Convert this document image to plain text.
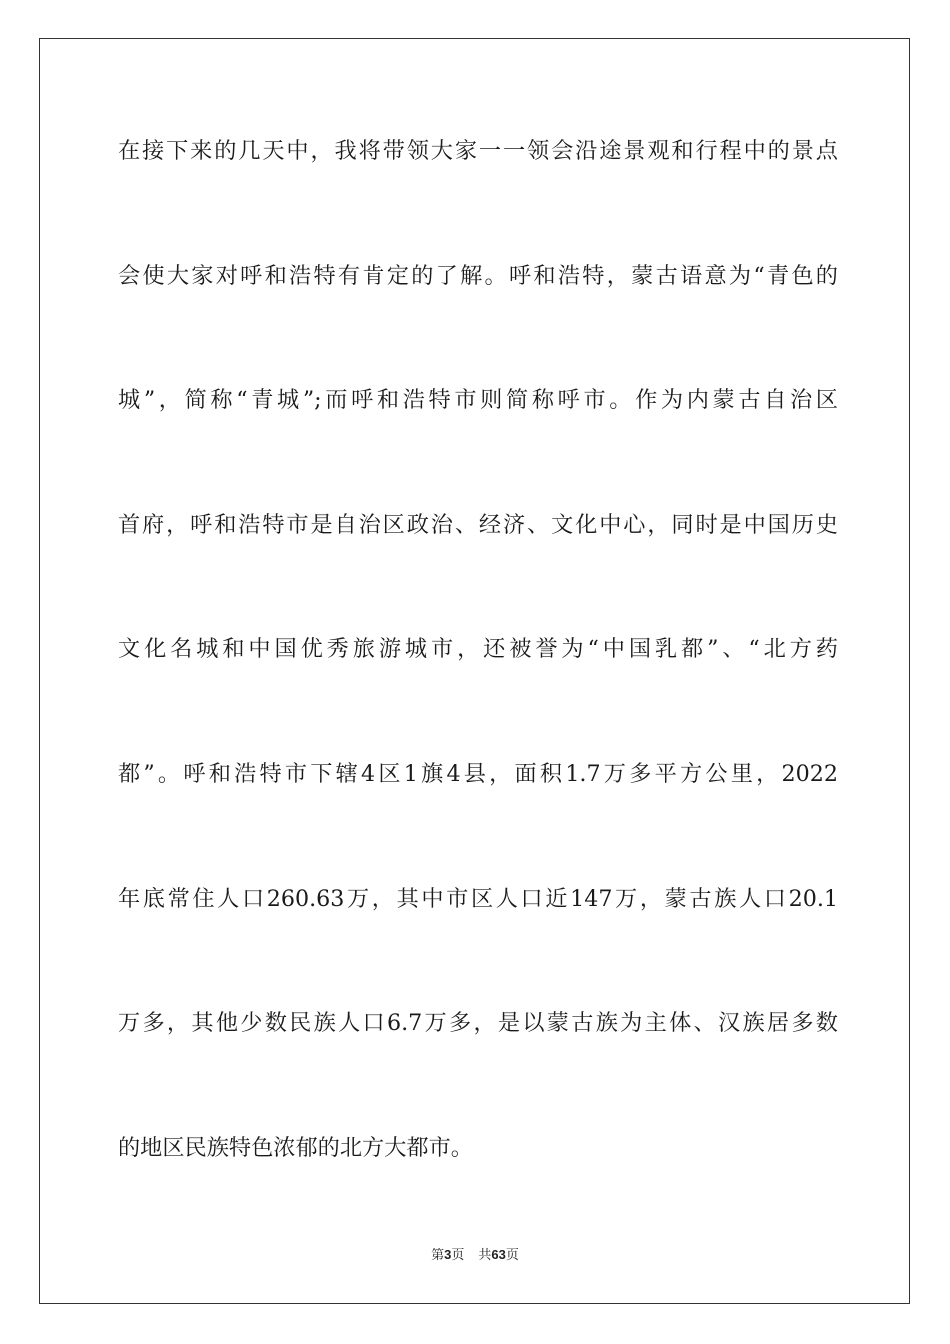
在接下来的几天中，我将带领大家一一领会沿途景观和行程中的景点
会使大家对呼和浩特有肯定的了解。呼和浩特，蒙古语意为“青色的
城”，简称“青城”;而呼和浩特市则简称呼市。作为内蒙古自治区
首府，呼和浩特市是自治区政治、经济、文化中心，同时是中国历史
文化名城和中国优秀旅游城市，还被誉为“中国乳都”、“北方药
都”。呼和浩特市下辖4区1旗4县，面积1.7万多平方公里，2022
年底常住人口260.63万，其中市区人口近147万，蒙古族人口20.1
万多，其他少数民族人口6.7万多，是以蒙古族为主体、汉族居多数
的地区民族特色浓郁的北方大都市。
第3页 共63页
